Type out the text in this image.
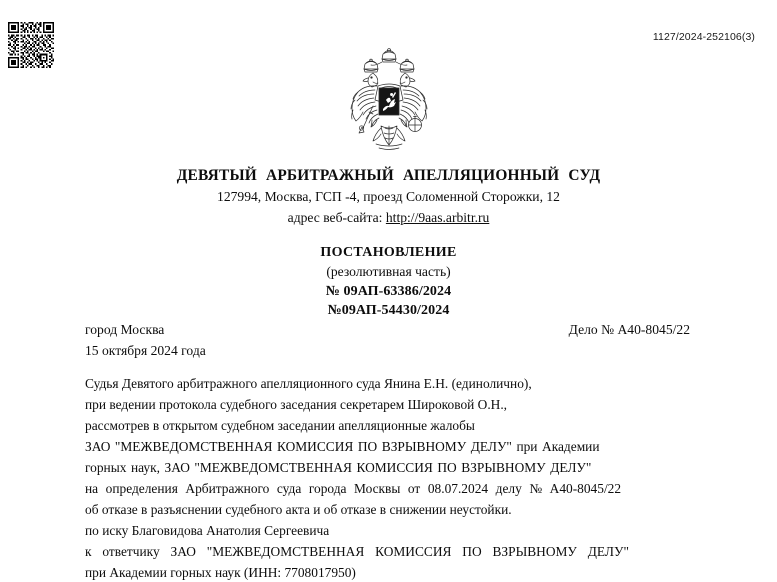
1127/2024-252106(3)
ДЕВЯТЫЙ АРБИТРАЖНЫЙ АПЕЛЛЯЦИОННЫЙ СУД
127994, Москва, ГСП -4, проезд Соломенной Сторожки, 12
адрес веб-сайта: http://9aas.arbitr.ru
ПОСТАНОВЛЕНИЕ
(резолютивная часть)
№ 09АП-63386/2024
№09АП-54430/2024
город Москва
15 октября 2024 года
Дело № А40-8045/22

Судья Девятого арбитражного апелляционного суда Янина Е.Н. (единолично),

при ведении протокола судебного заседания секретарем Широковой О.Н.,

рассмотрев в открытом судебном заседании апелляционные жалобы

ЗАО "МЕЖВЕДОМСТВЕННАЯ КОМИССИЯ ПО ВЗРЫВНОМУ ДЕЛУ" при Академии

горных наук, ЗАО "МЕЖВЕДОМСТВЕННАЯ КОМИССИЯ ПО ВЗРЫВНОМУ ДЕЛУ"

на определения Арбитражного суда города Москвы от 08.07.2024 делу № А40-8045/22

об отказе в разъяснении судебного акта и об отказе в снижении неустойки.

по иску Благовидова Анатолия Сергеевича

к ответчику ЗАО "МЕЖВЕДОМСТВЕННАЯ КОМИССИЯ ПО ВЗРЫВНОМУ ДЕЛУ"

при Академии горных наук (ИНН: 7708017950)
